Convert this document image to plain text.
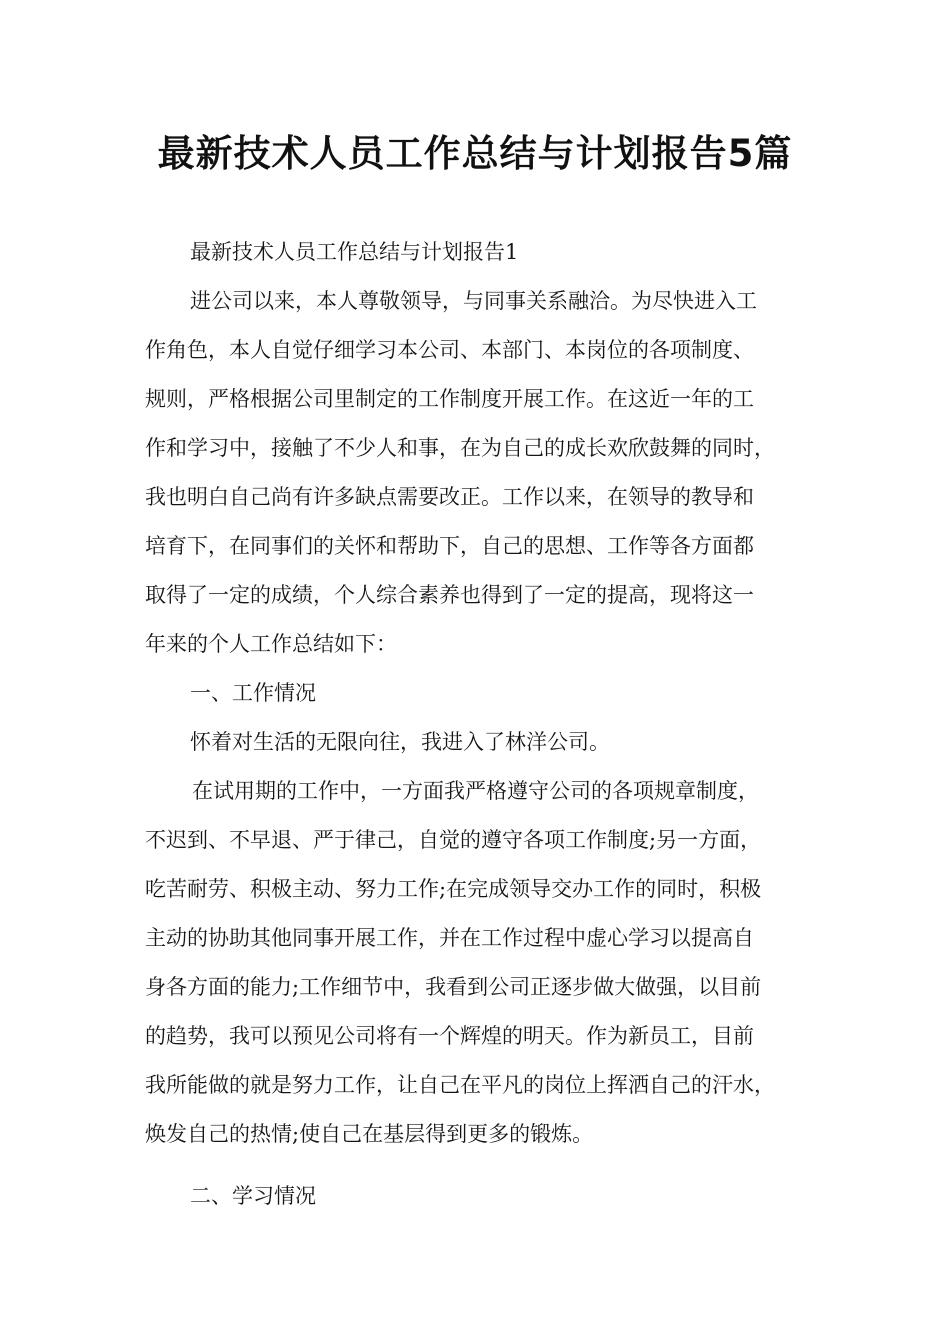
最新技术人员工作总结与计划报告5篇
最新技术人员工作总结与计划报告1
进公司以来，本人尊敬领导，与同事关系融洽。为尽快进入工
作角色，本人自觉仔细学习本公司、本部门、本岗位的各项制度、
规则，严格根据公司里制定的工作制度开展工作。在这近一年的工
作和学习中，接触了不少人和事，在为自己的成长欢欣鼓舞的同时，
我也明白自己尚有许多缺点需要改正。工作以来，在领导的教导和
培育下，在同事们的关怀和帮助下，自己的思想、工作等各方面都
取得了一定的成绩，个人综合素养也得到了一定的提高，现将这一
年来的个人工作总结如下：
一、工作情况
怀着对生活的无限向往，我进入了林洋公司。
在试用期的工作中，一方面我严格遵守公司的各项规章制度，
不迟到、不早退、严于律己，自觉的遵守各项工作制度;另一方面，
吃苦耐劳、积极主动、努力工作;在完成领导交办工作的同时，积极
主动的协助其他同事开展工作，并在工作过程中虚心学习以提高自
身各方面的能力;工作细节中，我看到公司正逐步做大做强，以目前
的趋势，我可以预见公司将有一个辉煌的明天。作为新员工，目前
我所能做的就是努力工作，让自己在平凡的岗位上挥洒自己的汗水，
焕发自己的热情;使自己在基层得到更多的锻炼。
二、学习情况
